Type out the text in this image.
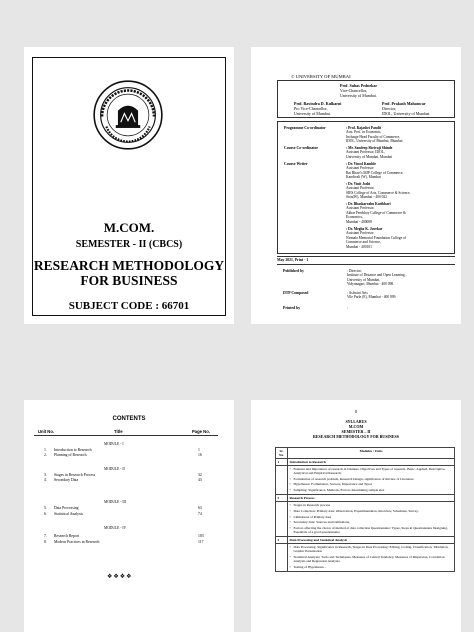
M.COM.
SEMESTER - II (CBCS)
RESEARCH METHODOLOGY
FOR BUSINESS
SUBJECT CODE : 66701
© UNIVERSITY OF MUMBAI
Prof. Suhas Pednekar
Vice-Chancellor,
University of Mumbai.
Prof. Ravindra D. Kulkarni
Pro Vice-Chancellor,
University of Mumbai.
Prof. Prakash Mahanwar
Director,
IDOL, University of Mumbai.
Programme Co-ordinator	: Prof. Rajashri Pandit
Asst. Prof. in Economic,
Incharge Head Faculty of Commerce,
IDOL, University of Mumbai, Mumbai
Course Co-ordinator	: Mr. Sandeep Shrivaji Shinde
Assistant Professor, IDOL,
University of Mumbai, Mumbai
Course Writer	: Dr. Vinod Kamble
Assistant Professor
Rai Bhavi's MJP College of Commerce,
Kandivali (W), Mumbai
: Dr. Vinit Joshi
Assistant Professor,
SIES College of Arts, Commerce & Science,
Sion(W), Mumbai - 400 022
: Dr. Bhaskarrabu Karibhari
Assistant Professor,
Akbar Peerbhoy College of Commerce &
Economics,
Mumbai - 400008
: Dr. Megha K. Juvekar
Assistant Professor
Nirmala Memorial Foundation College of
Commerce and Science,
Mumbai - 400101
May 2021, Print - 1
Published by	: Director,
Institute of Distance and Open Learning ,
University of Mumbai,
Vidyanagari, Mumbai - 400 098.
DTP Composed	: Ashwini Arts
Vile Parle (E), Mumbai - 400 099.
Printed by	:
CONTENTS
Unit No.	Title	Page No.
MODULE - I
1. Introduction to Research	1
2. Planning of Research	16
MODULE - II
3. Stages in Research Process	32
4. Secondary Data	43
MODULE - III
5. Data Processing	63
6. Statistical Analysis	74
MODULE - IV
7. Research Report	103
8. Modern Practices in Research	117
❖❖❖❖
I
SYLLABUS
M.COM
SEMESTER – II
RESEARCH METHODOLOGY FOR BUSINESS
Sr. No.	Modules / Units
1	Introduction to Research

	• Features and Importance of research in business, Objectives and Types of research- Basic, Applied, Descriptive, Analytical and Empirical Research.
• Formulation of research problem, Research Design, significance of Review of Literature
• Hypotheses: Formulation, Sources, Importance and Types
• Sampling: Significance, Methods, Factors determining sample size

2	Research Process

	• Stages in Research process
• Data Collection: Primary data: Observation, Experimentation, Interview, Schedules, Survey,
• Limitations of Primary data
• Secondary data: Sources and Limitations,
• Factors affecting the choice of method of data collection Questionnaire: Types, Steps in Questionnaire Designing, Essentials of a good questionnaire

3	Data Processing and Statistical Analysis

	• Data Processing: Significance in Research, Stages in Data Processing: Editing, Coding, Classification, Tabulation, Graphic Presentation
• Statistical Analysis: Tools and Techniques, Measures of Central Tendency, Measures of Dispersion, Correlation Analysis and Regression Analysis.
• Testing of Hypotheses –
